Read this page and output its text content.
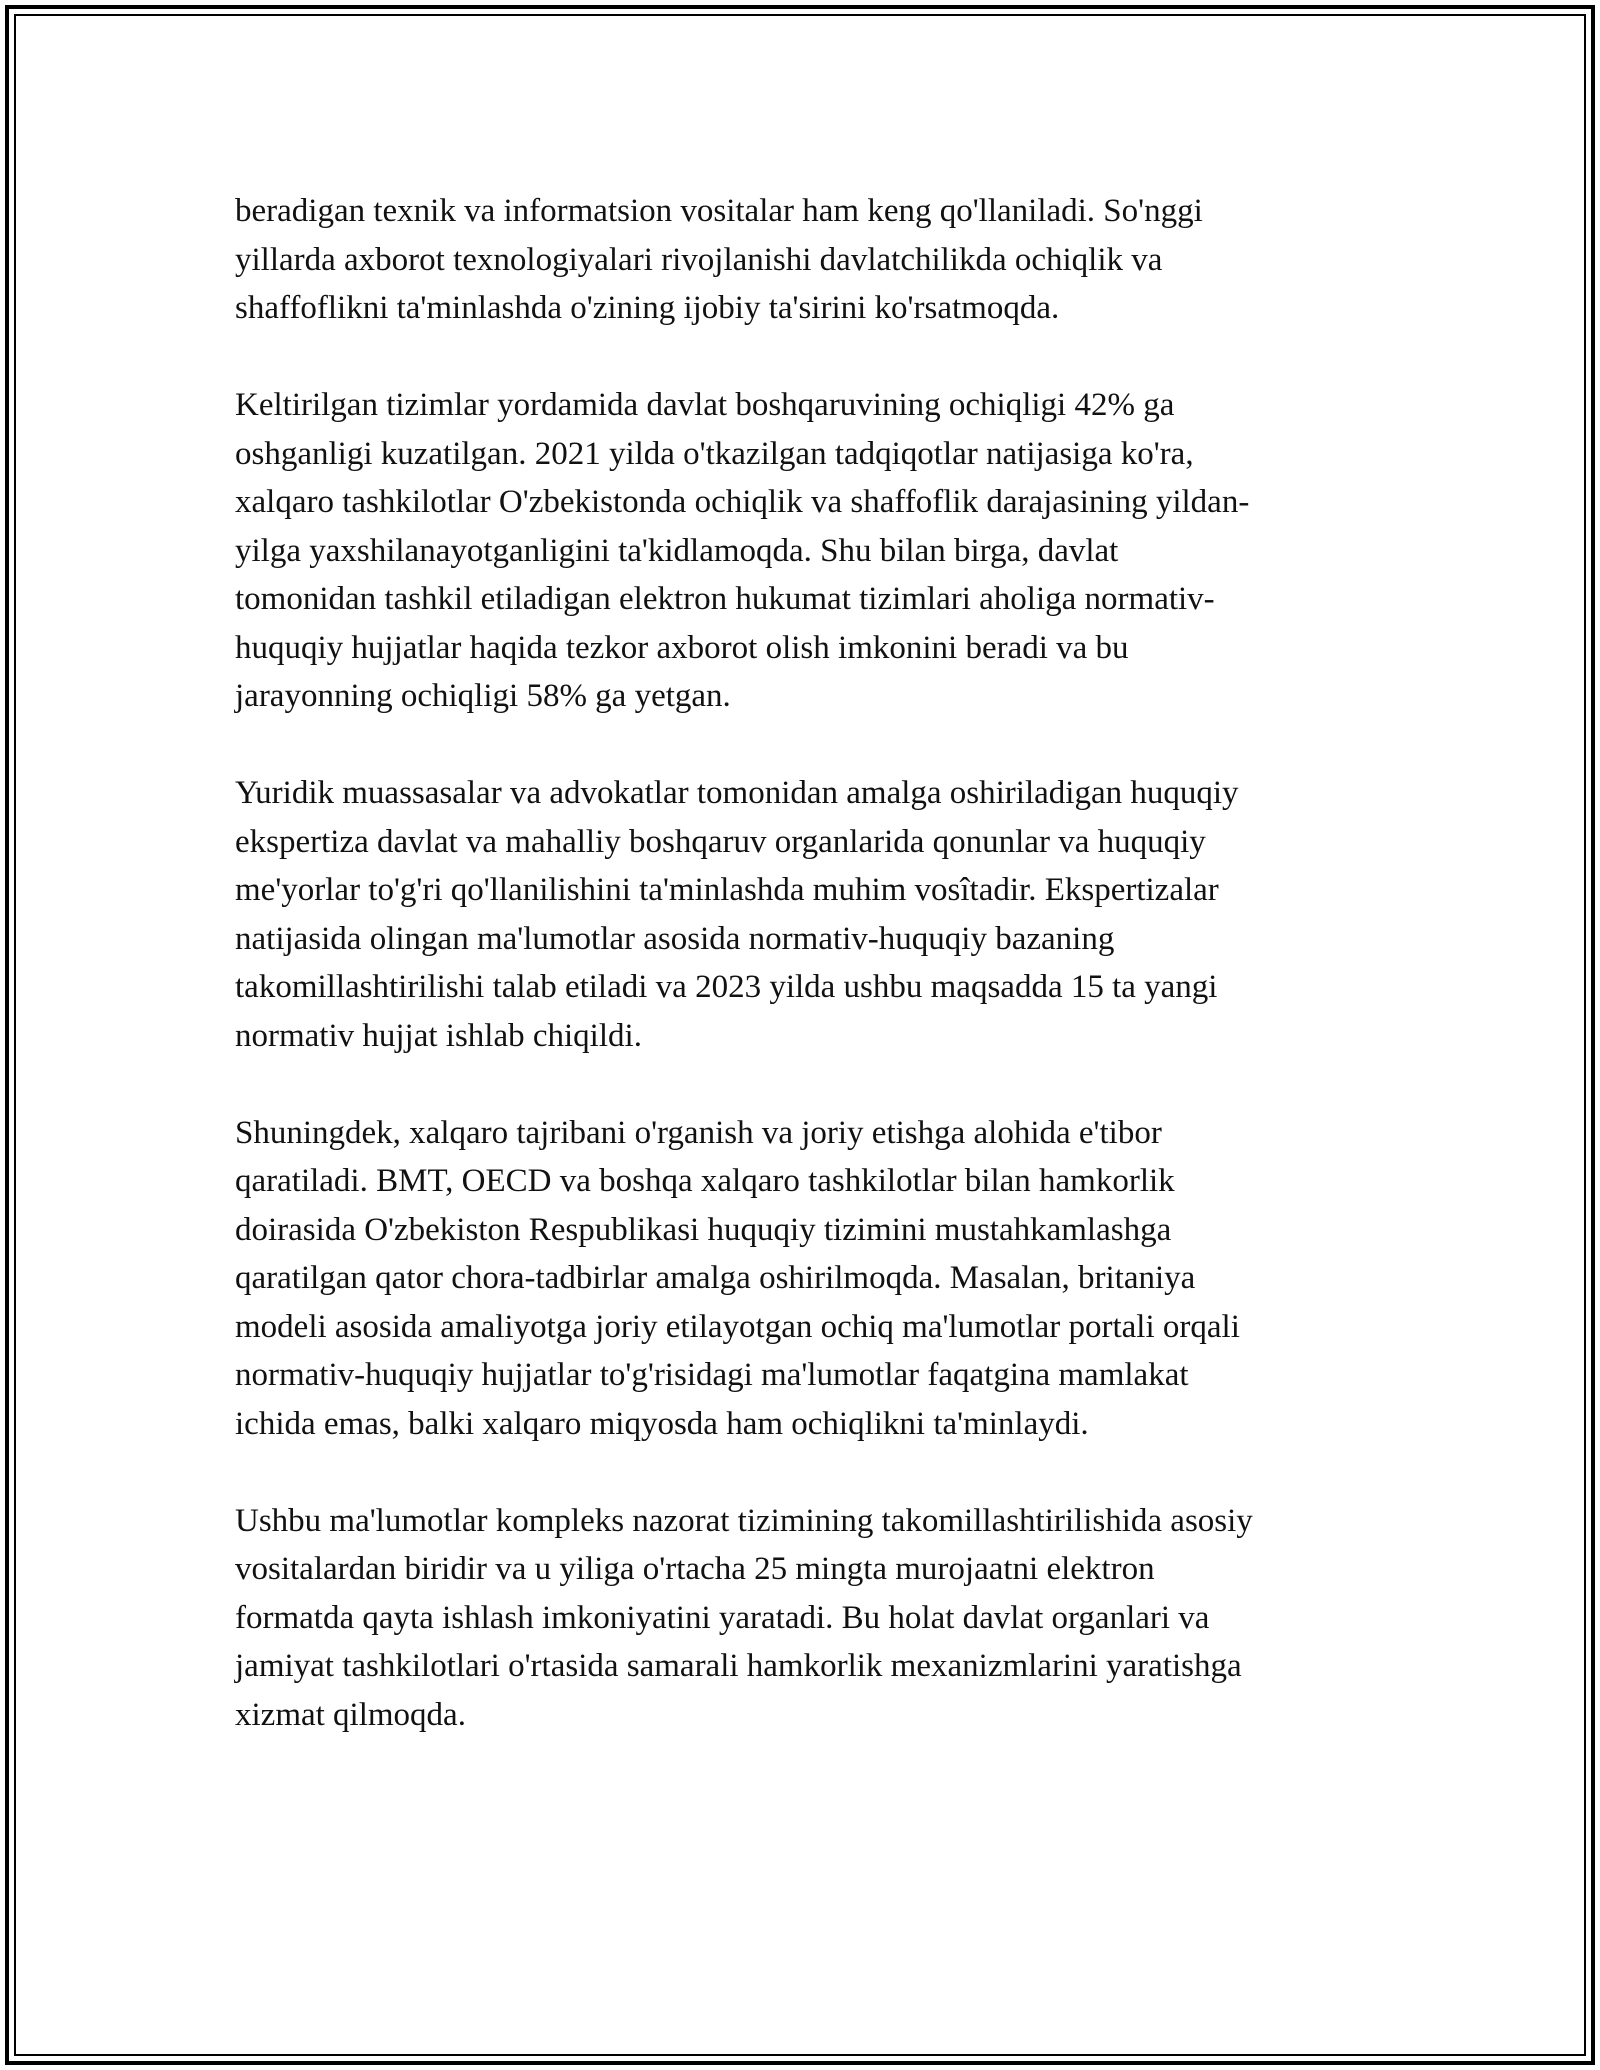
beradigan texnik va informatsion vositalar ham keng qo'llaniladi. So'nggi

yillarda axborot texnologiyalari rivojlanishi davlatchilikda ochiqlik va

shaffoflikni ta'minlashda o'zining ijobiy ta'sirini ko'rsatmoqda.

Keltirilgan tizimlar yordamida davlat boshqaruvining ochiqligi 42% ga

oshganligi kuzatilgan. 2021 yilda o'tkazilgan tadqiqotlar natijasiga ko'ra,

xalqaro tashkilotlar O'zbekistonda ochiqlik va shaffoflik darajasining yildan-

yilga yaxshilanayotganligini ta'kidlamoqda. Shu bilan birga, davlat

tomonidan tashkil etiladigan elektron hukumat tizimlari aholiga normativ-

huquqiy hujjatlar haqida tezkor axborot olish imkonini beradi va bu

jarayonning ochiqligi 58% ga yetgan.

Yuridik muassasalar va advokatlar tomonidan amalga oshiriladigan huquqiy

ekspertiza davlat va mahalliy boshqaruv organlarida qonunlar va huquqiy

me'yorlar to'g'ri qo'llanilishini ta'minlashda muhim vosîtadir. Ekspertizalar

natijasida olingan ma'lumotlar asosida normativ-huquqiy bazaning

takomillashtirilishi talab etiladi va 2023 yilda ushbu maqsadda 15 ta yangi

normativ hujjat ishlab chiqildi.

Shuningdek, xalqaro tajribani o'rganish va joriy etishga alohida e'tibor

qaratiladi. BMT, OECD va boshqa xalqaro tashkilotlar bilan hamkorlik

doirasida O'zbekiston Respublikasi huquqiy tizimini mustahkamlashga

qaratilgan qator chora-tadbirlar amalga oshirilmoqda. Masalan, britaniya

modeli asosida amaliyotga joriy etilayotgan ochiq ma'lumotlar portali orqali

normativ-huquqiy hujjatlar to'g'risidagi ma'lumotlar faqatgina mamlakat

ichida emas, balki xalqaro miqyosda ham ochiqlikni ta'minlaydi.

Ushbu ma'lumotlar kompleks nazorat tizimining takomillashtirilishida asosiy

vositalardan biridir va u yiliga o'rtacha 25 mingta murojaatni elektron

formatda qayta ishlash imkoniyatini yaratadi. Bu holat davlat organlari va

jamiyat tashkilotlari o'rtasida samarali hamkorlik mexanizmlarini yaratishga

xizmat qilmoqda.
